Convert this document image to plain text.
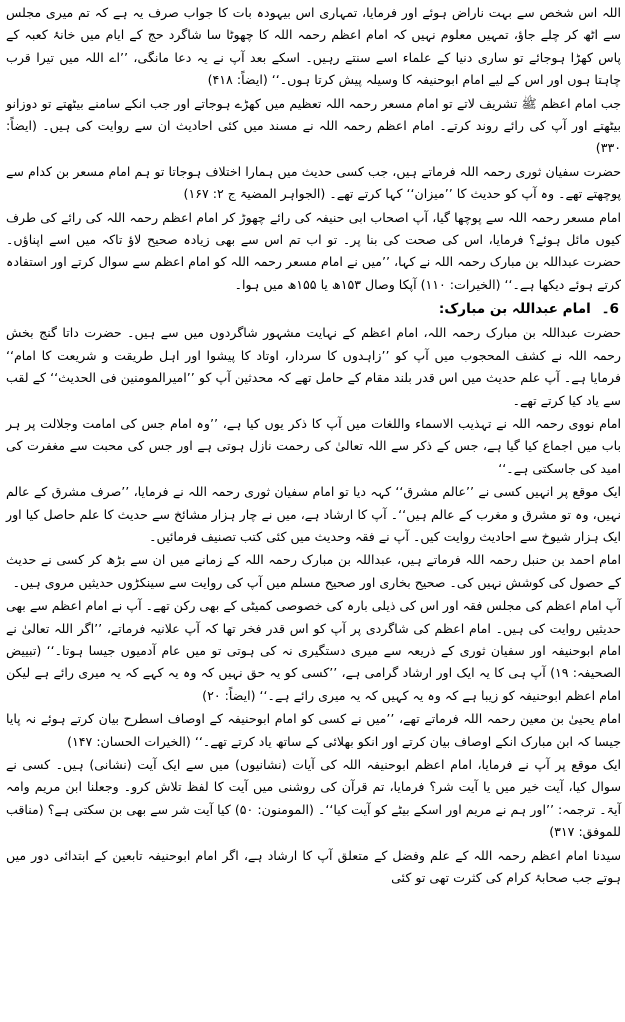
اللہ اس شخص سے بہت ناراض ہوئے اور فرمایا، تمہاری اس بیہودہ بات کا جواب صرف یہ ہے کہ تم میری مجلس سے اٹھ کر چلے جاؤ، تمہیں معلوم نہیں کہ امام اعظم رحمہ اللہ کا چھوٹا سا شاگرد حج کے ایام میں خانۂ کعبہ کے پاس کھڑا ہوجائے تو ساری دنیا کے علماء اسے سنتے رہیں۔ اسکے بعد آپ نے یہ دعا مانگی، ’’اے اللہ میں تیرا قرب چاہتا ہوں اور اس کے لیے امام ابوحنیفہ کا وسیلہ پیش کرتا ہوں۔‘‘ (ایضاً: ۴۱۸)

جب امام اعظم ﷺ تشریف لاتے تو امام مسعر رحمہ اللہ تعظیم میں کھڑے ہوجاتے اور جب انکے سامنے بیٹھتے تو دوزانو بیٹھتے اور آپ کی رائے روند کرتے۔ امام اعظم رحمہ اللہ نے مسند میں کئی احادیث ان سے روایت کی ہیں۔ (ایضاً: ۳۳۰)

حضرت سفیان ثوری رحمہ اللہ فرماتے ہیں، جب کسی حدیث میں ہمارا اختلاف ہوجاتا تو ہم امام مسعر بن کدام سے پوچھتے تھے۔ وہ آپ کو حدیث کا ’’میزان‘‘ کہا کرتے تھے۔ (الجواہر المضیۃ ج ۲: ۱۶۷)

امام مسعر رحمہ اللہ سے پوچھا گیا، آپ اصحاب ابی حنیفہ کی رائے چھوڑ کر امام اعظم رحمہ اللہ کی رائے کی طرف کیوں مائل ہوئے؟ فرمایا، اس کی صحت کی بنا پر۔ تو اب تم اس سے بھی زیادہ صحیح لاؤ تاکہ میں اسے اپناؤں۔ حضرت عبداللہ بن مبارک رحمہ اللہ نے کہا، ’’میں نے امام مسعر رحمہ اللہ کو امام اعظم سے سوال کرتے اور استفادہ کرتے ہوئے دیکھا ہے۔‘‘ (الخیرات: ۱۱۰) آپکا وصال ۱۵۳ھ یا ۱۵۵ھ میں ہوا۔

6۔ امام عبداللہ بن مبارک:

حضرت عبداللہ بن مبارک رحمہ اللہ، امام اعظم کے نہایت مشہور شاگردوں میں سے ہیں۔ حضرت داتا گنج بخش رحمہ اللہ نے کشف المحجوب میں آپ کو ’’زاہدوں کا سردار، اوتاد کا پیشوا اور اہل طریقت و شریعت کا امام‘‘ فرمایا ہے۔ آپ علم حدیث میں اس قدر بلند مقام کے حامل تھے کہ محدثین آپ کو ’’امیرالمومنین فی الحدیث‘‘ کے لقب سے یاد کیا کرتے تھے۔

امام نووی رحمہ اللہ نے تہذیب الاسماء واللغات میں آپ کا ذکر یوں کیا ہے، ’’وہ امام جس کی امامت وجلالت پر ہر باب میں اجماع کیا گیا ہے، جس کے ذکر سے اللہ تعالیٰ کی رحمت نازل ہوتی ہے اور جس کی محبت سے مغفرت کی امید کی جاسکتی ہے۔‘‘

ایک موقع پر انہیں کسی نے ’’عالم مشرق‘‘ کہہ دیا تو امام سفیان ثوری رحمہ اللہ نے فرمایا، ’’صرف مشرق کے عالم نہیں، وہ تو مشرق و مغرب کے عالم ہیں‘‘۔ آپ کا ارشاد ہے، میں نے چار ہزار مشائخ سے حدیث کا علم حاصل کیا اور ایک ہزار شیوخ سے احادیث روایت کیں۔ آپ نے فقہ وحدیث میں کئی کتب تصنیف فرمائیں۔

امام احمد بن حنبل رحمہ اللہ فرماتے ہیں، عبداللہ بن مبارک رحمہ اللہ کے زمانے میں ان سے بڑھ کر کسی نے حدیث کے حصول کی کوشش نہیں کی۔ صحیح بخاری اور صحیح مسلم میں آپ کی روایت سے سینکڑوں حدیثیں مروی ہیں۔

آپ امام اعظم کی مجلس فقہ اور اس کی ذیلی بارہ کی خصوصی کمیٹی کے بھی رکن تھے۔ آپ نے امام اعظم سے بھی حدیثیں روایت کی ہیں۔ امام اعظم کی شاگردی پر آپ کو اس قدر فخر تھا کہ آپ علانیہ فرماتے، ’’اگر اللہ تعالیٰ نے امام ابوحنیفہ اور سفیان ثوری کے ذریعہ سے میری دستگیری نہ کی ہوتی تو میں عام آدمیوں جیسا ہوتا۔‘‘ (تبییض الصحیفہ: ۱۹) آپ ہی کا یہ ایک اور ارشاد گرامی ہے، ’’کسی کو یہ حق نہیں کہ وہ یہ کہے کہ یہ میری رائے ہے لیکن امام اعظم ابوحنیفہ کو زیبا ہے کہ وہ یہ کہیں کہ یہ میری رائے ہے۔‘‘ (ایضاً: ۲۰)

امام یحییٰ بن معین رحمہ اللہ فرماتے تھے، ’’میں نے کسی کو امام ابوحنیفہ کے اوصاف اسطرح بیان کرتے ہوئے نہ پایا جیسا کہ ابن مبارک انکے اوصاف بیان کرتے اور انکو بھلائی کے ساتھ یاد کرتے تھے۔‘‘ (الخیرات الحسان: ۱۴۷)

ایک موقع پر آپ نے فرمایا، امام اعظم ابوحنیفہ اللہ کی آیات (نشانیوں) میں سے ایک آیت (نشانی) ہیں۔ کسی نے سوال کیا، آیت خیر میں یا آیت شر؟ فرمایا، تم قرآن کی روشنی میں آیت کا لفظ تلاش کرو۔ وجعلنا ابن مریم وامہ آیۃ۔ ترجمہ: ’’اور ہم نے مریم اور اسکے بیٹے کو آیت کیا‘‘۔ (المومنون: ۵۰) کیا آیت شر سے بھی بن سکتی ہے؟ (مناقب للموفق: ۳۱۷)

سیدنا امام اعظم رحمہ اللہ کے علم وفضل کے متعلق آپ کا ارشاد ہے، اگر امام ابوحنیفہ تابعین کے ابتدائی دور میں ہوتے جب صحابۂ کرام کی کثرت تھی تو کئی
